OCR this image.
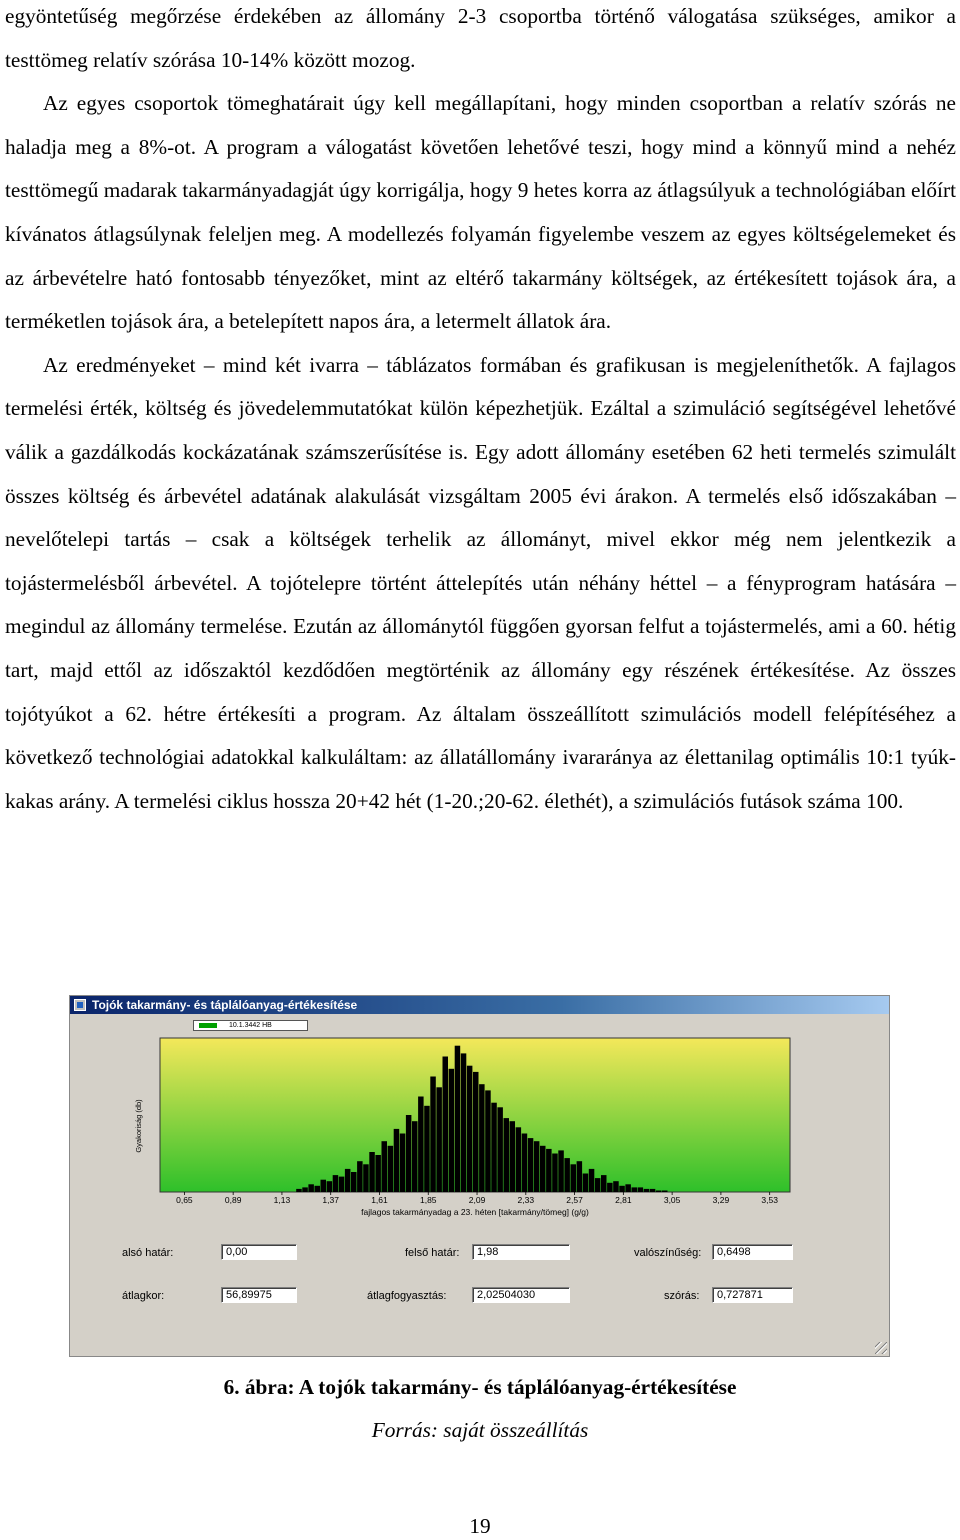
egyöntetűség megőrzése érdekében az állomány 2-3 csoportba történő válogatása szükséges, amikor a testtömeg relatív szórása 10-14% között mozog.

Az egyes csoportok tömeghatárait úgy kell megállapítani, hogy minden csoportban a relatív szórás ne haladja meg a 8%-ot. A program a válogatást követően lehetővé teszi, hogy mind a könnyű mind a nehéz testtömegű madarak takarmányadagját úgy korrigálja, hogy 9 hetes korra az átlagsúlyuk a technológiában előírt kívánatos átlagsúlynak feleljen meg. A modellezés folyamán figyelembe veszem az egyes költségelemeket és az árbevételre ható fontosabb tényezőket, mint az eltérő takarmány költségek, az értékesített tojások ára, a terméketlen tojások ára, a betelepített napos ára, a letermelt állatok ára.

Az eredményeket – mind két ivarra – táblázatos formában és grafikusan is megjeleníthetők. A fajlagos termelési érték, költség és jövedelemmutatókat külön képezhetjük. Ezáltal a szimuláció segítségével lehetővé válik a gazdálkodás kockázatának számszerűsítése is. Egy adott állomány esetében 62 heti termelés szimulált összes költség és árbevétel adatának alakulását vizsgáltam 2005 évi árakon. A termelés első időszakában – nevelőtelepi tartás – csak a költségek terhelik az állományt, mivel ekkor még nem jelentkezik a tojástermelésből árbevétel. A tojótelepre történt áttelepítés után néhány héttel – a fényprogram hatására – megindul az állomány termelése. Ezután az állománytól függően gyorsan felfut a tojástermelés, ami a 60. hétig tart, majd ettől az időszaktól kezdődően megtörténik az állomány egy részének értékesítése. Az összes tojótyúkot a 62. hétre értékesíti a program. Az általam összeállított szimulációs modell felépítéséhez a következő technológiai adatokkal kalkuláltam: az állatállomány ivararánya az élettanilag optimális 10:1 tyúk-kakas arány. A termelési ciklus hossza 20+42 hét (1-20.;20-62. élethét), a szimulációs futások száma 100.

Tojók takarmány- és táplálóanyag-értékesítése
0,65	0,89	1,13	1,37	1,61	1,85	2,09	2,33	2,57	2,81	3,05	3,29	3,53
Gyakoriság (db)
fajlagos takarmányadag a 23. héten [takarmány/tömeg] (g/g)
10.1.3442 HB
alsó határ:	0,00	felső határ:	1,98	valószínűség:	0,6498
átlagkor:	56,89975	átlagfogyasztás:	2,02504030	szórás:	0,727871
6. ábra: A tojók takarmány- és táplálóanyag-értékesítése
Forrás: saját összeállítás
19
